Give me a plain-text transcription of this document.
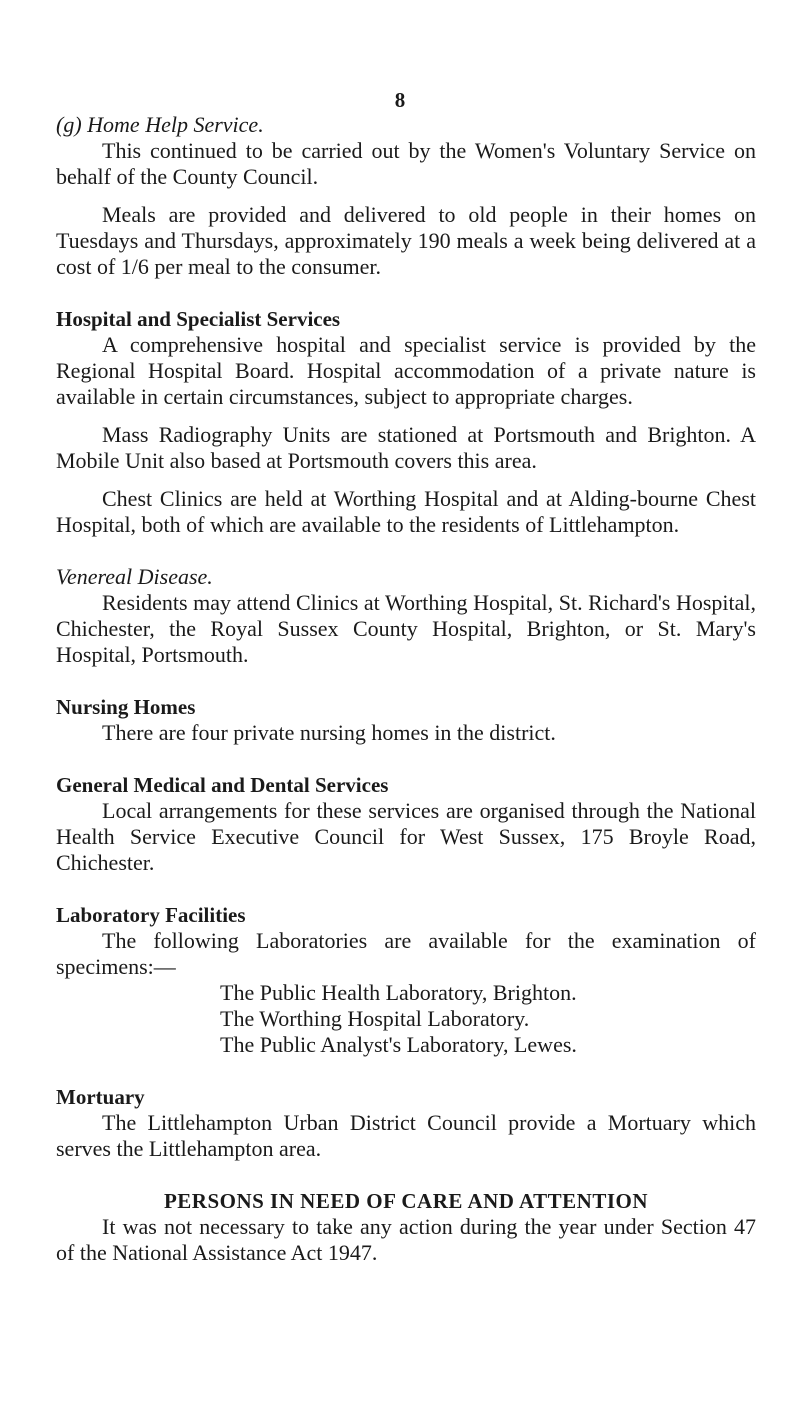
8

(g) Home Help Service.

This continued to be carried out by the Women's Voluntary Service on behalf of the County Council.

Meals are provided and delivered to old people in their homes on Tuesdays and Thursdays, approximately 190 meals a week being delivered at a cost of 1/6 per meal to the consumer.

Hospital and Specialist Services

A comprehensive hospital and specialist service is provided by the Regional Hospital Board. Hospital accommodation of a private nature is available in certain circumstances, subject to appropriate charges.

Mass Radiography Units are stationed at Portsmouth and Brighton. A Mobile Unit also based at Portsmouth covers this area.

Chest Clinics are held at Worthing Hospital and at Alding-bourne Chest Hospital, both of which are available to the residents of Littlehampton.

Venereal Disease.

Residents may attend Clinics at Worthing Hospital, St. Richard's Hospital, Chichester, the Royal Sussex County Hospital, Brighton, or St. Mary's Hospital, Portsmouth.

Nursing Homes

There are four private nursing homes in the district.

General Medical and Dental Services

Local arrangements for these services are organised through the National Health Service Executive Council for West Sussex, 175 Broyle Road, Chichester.

Laboratory Facilities

The following Laboratories are available for the examination of specimens:—

The Public Health Laboratory, Brighton.

The Worthing Hospital Laboratory.

The Public Analyst's Laboratory, Lewes.

Mortuary

The Littlehampton Urban District Council provide a Mortuary which serves the Littlehampton area.

PERSONS IN NEED OF CARE AND ATTENTION

It was not necessary to take any action during the year under Section 47 of the National Assistance Act 1947.
